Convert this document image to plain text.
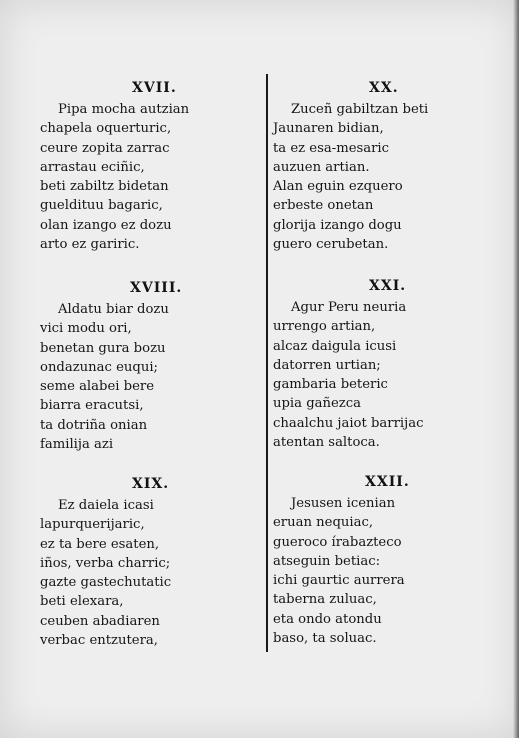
XVII.
Pipa mocha autzian
chapela oquerturic,
ceure zopita zarrac
arrastau eciñic,
beti zabiltz bidetan
gueldituu bagaric,
olan izango ez dozu
arto ez gariric.
XVIII.
Aldatu biar dozu
vici modu ori,
benetan gura bozu
ondazunac euqui;
seme alabei bere
biarra eracutsi,
ta dotriña onian
familija azi
XIX.
Ez daiela icasi
lapurquerijaric,
ez ta bere esaten,
iños, verba charric;
gazte gastechutatic
beti elexara,
ceuben abadiaren
verbac entzutera,
XX.
Zuceñ gabiltzan beti
Jaunaren bidian,
ta ez esa-mesaric
auzuen artian.
Alan eguin ezquero
erbeste onetan
glorija izango dogu
guero cerubetan.
XXI.
Agur Peru neuria
urrengo artian,
alcaz daigula icusi
datorren urtian;
gambaria beteric
upia gañezca
chaalchu jaiot barrijac
atentan saltoca.
XXII.
Jesusen icenian
eruan nequiac,
gueroco írabazteco
atseguin betiac:
ichi gaurtic aurrera
taberna zuluac,
eta ondo atondu
baso, ta soluac.
